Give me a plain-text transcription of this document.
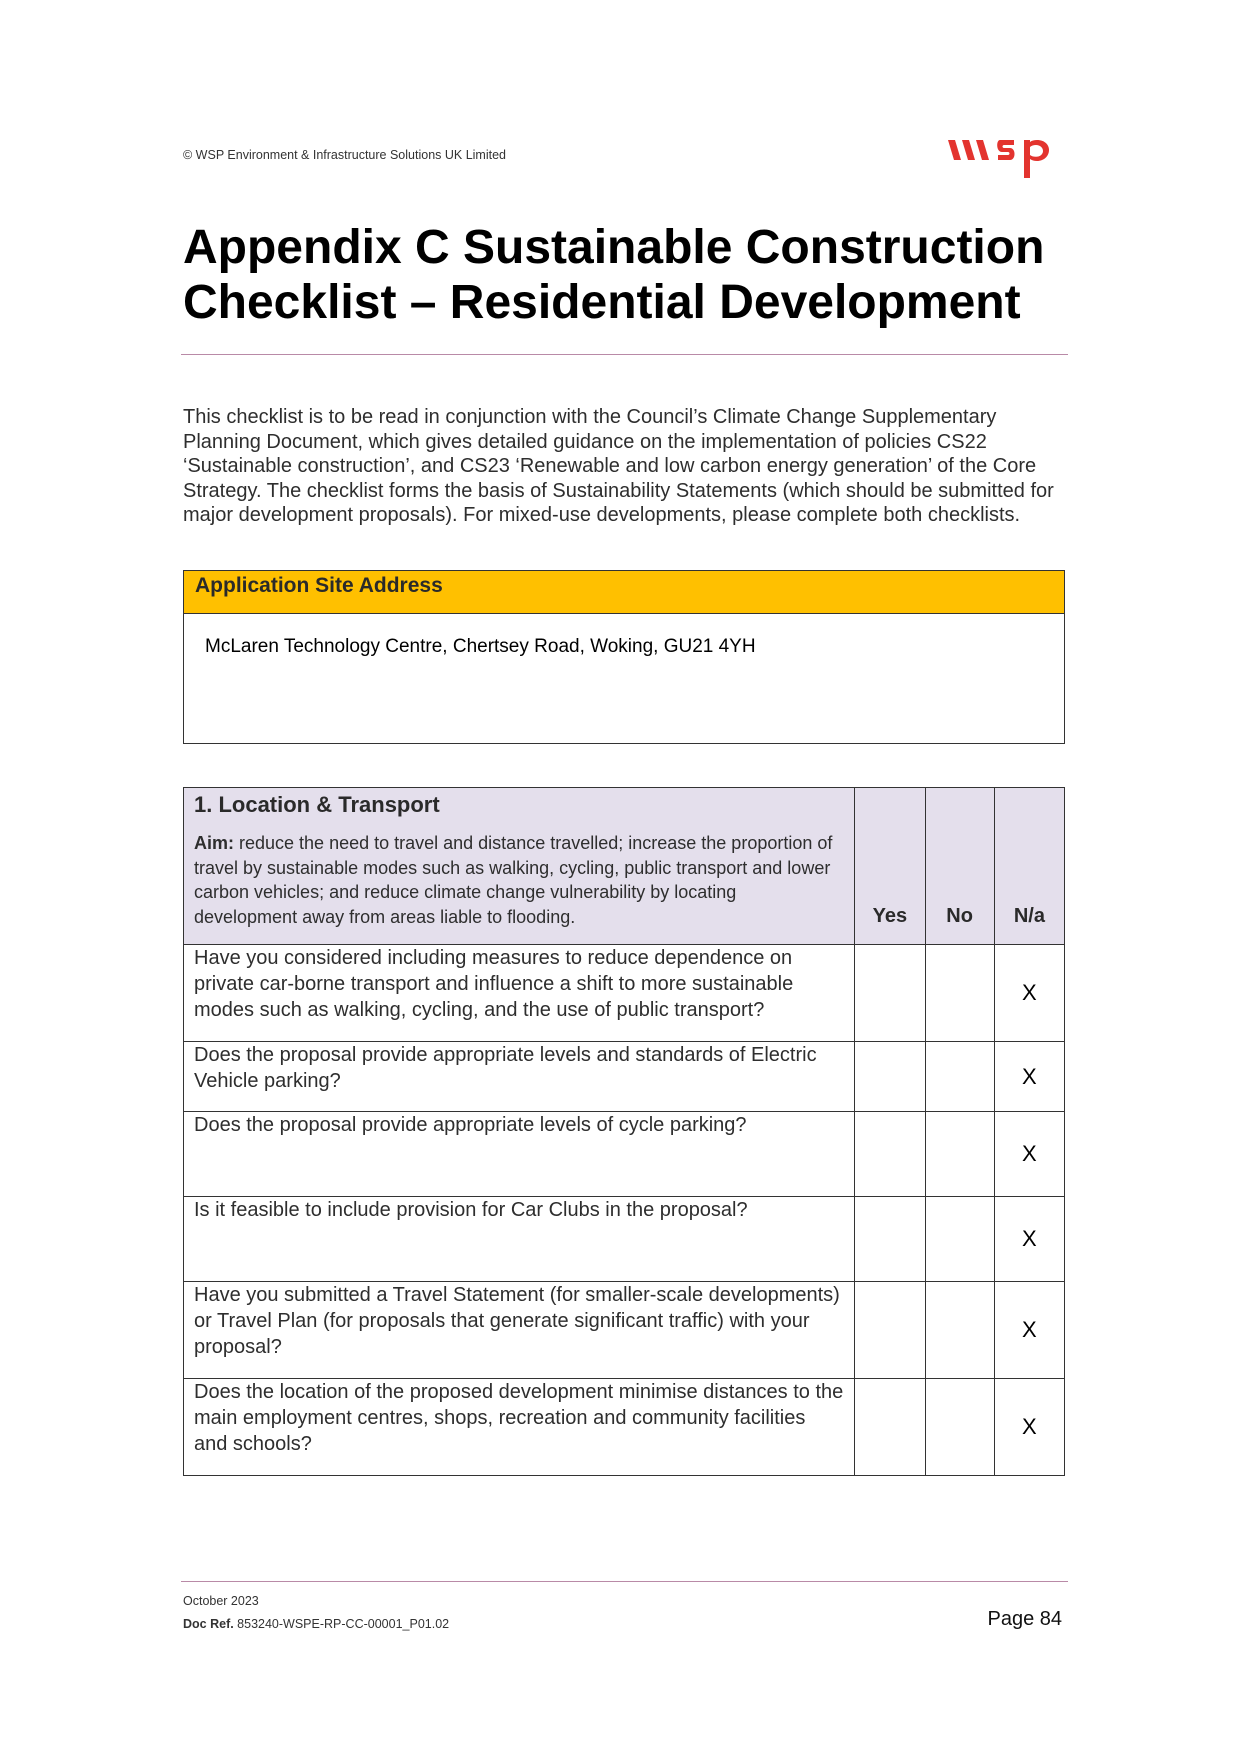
© WSP Environment & Infrastructure Solutions UK Limited
Appendix C Sustainable Construction
Checklist – Residential Development

This checklist is to be read in conjunction with the Council’s Climate Change Supplementary Planning Document, which gives detailed guidance on the implementation of policies CS22 ‘Sustainable construction’, and CS23 ‘Renewable and low carbon energy generation’ of the Core Strategy. The checklist forms the basis of Sustainability Statements (which should be submitted for major development proposals). For mixed-use developments, please complete both checklists.

Application Site Address
McLaren Technology Centre, Chertsey Road, Woking, GU21 4YH
1. Location & Transport
Aim: reduce the need to travel and distance travelled; increase the proportion of travel by sustainable modes such as walking, cycling, public transport and lower carbon vehicles; and reduce climate change vulnerability by locating development away from areas liable to flooding.	Yes	No	N/a
Have you considered including measures to reduce dependence on private car-borne transport and influence a shift to more sustainable modes such as walking, cycling, and the use of public transport?			X
Does the proposal provide appropriate levels and standards of Electric Vehicle parking?			X
Does the proposal provide appropriate levels of cycle parking?			X
Is it feasible to include provision for Car Clubs in the proposal?			X
Have you submitted a Travel Statement (for smaller-scale developments) or Travel Plan (for proposals that generate significant traffic) with your proposal?			X
Does the location of the proposed development minimise distances to the main employment centres, shops, recreation and community facilities and schools?			X
October 2023
Doc Ref. 853240-WSPE-RP-CC-00001_P01.02	Page 84
